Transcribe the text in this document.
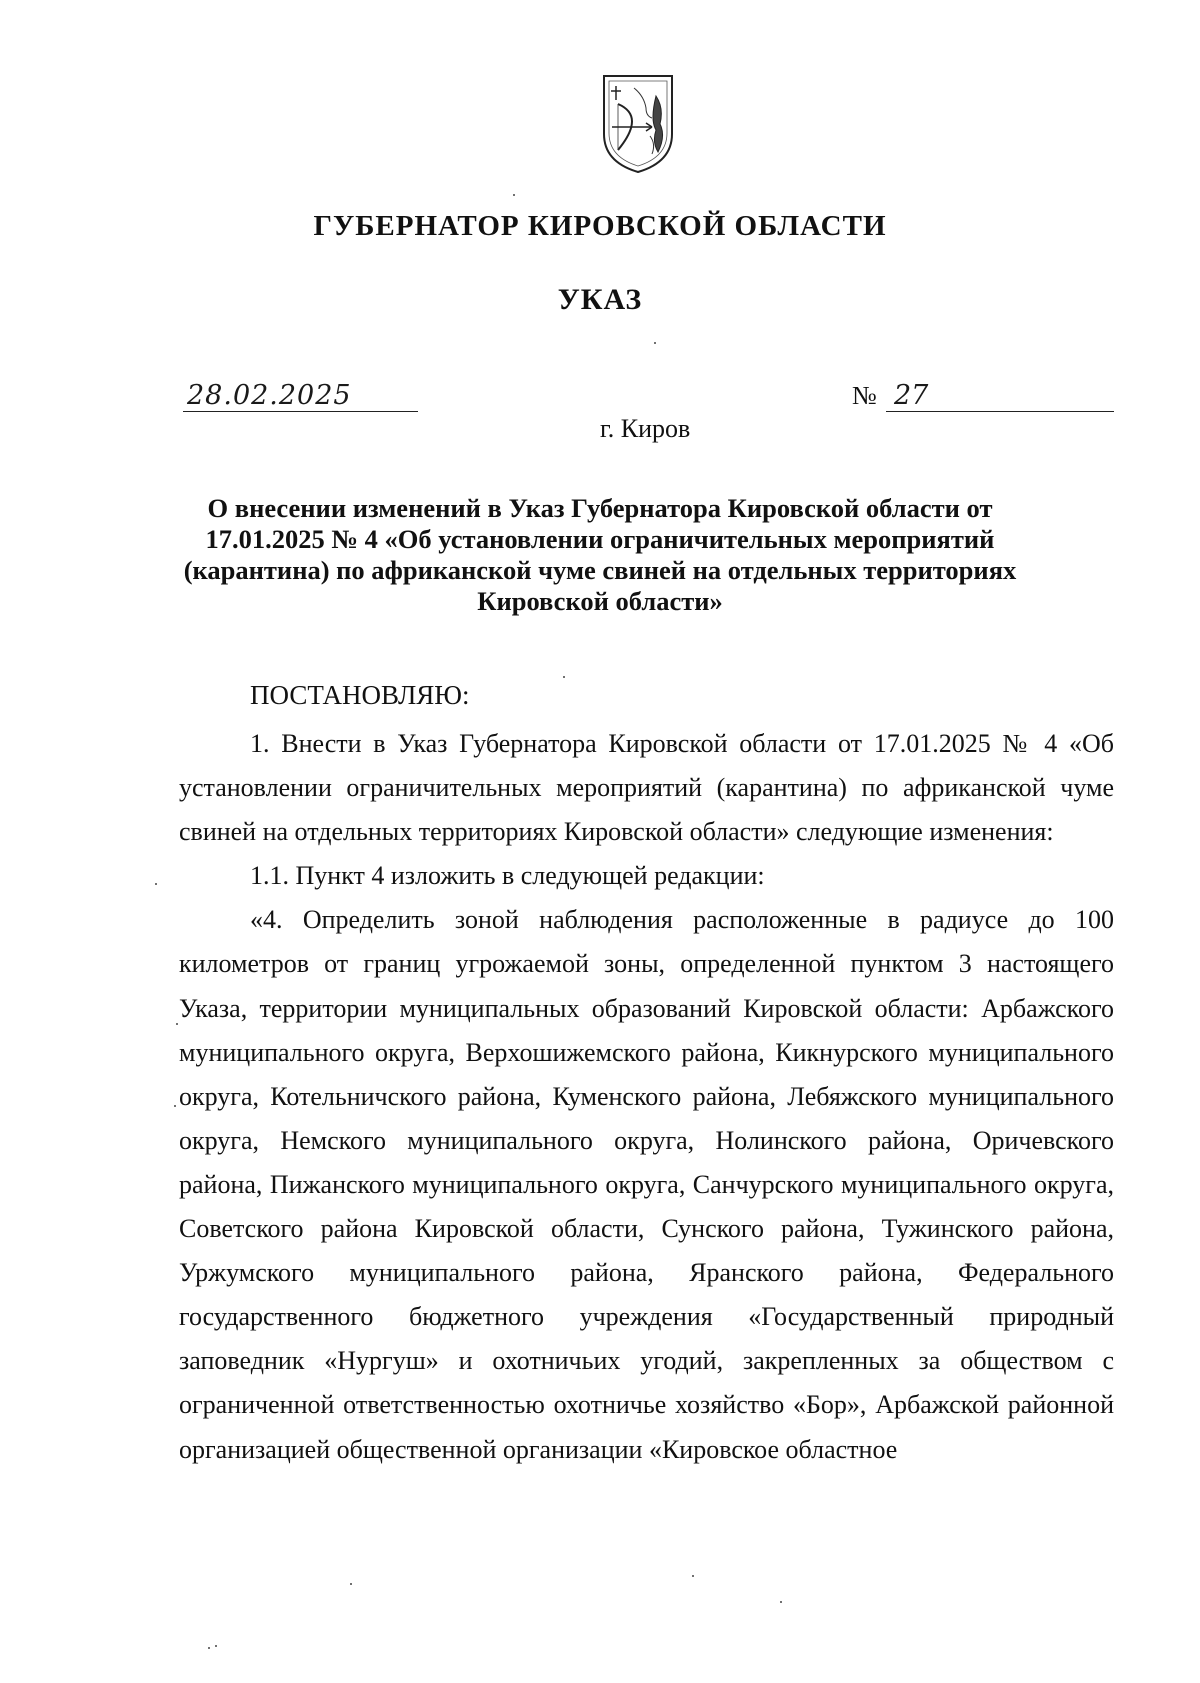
ГУБЕРНАТОР КИРОВСКОЙ ОБЛАСТИ
УКАЗ
28.02.2025	№ 27
г. Киров
О внесении изменений в Указ Губернатора Кировской области от 17.01.2025 № 4 «Об установлении ограничительных мероприятий (карантина) по африканской чуме свиней на отдельных территориях Кировской области»
ПОСТАНОВЛЯЮ:

1. Внести в Указ Губернатора Кировской области от 17.01.2025 № 4 «Об установлении ограничительных мероприятий (карантина) по африканской чуме свиней на отдельных территориях Кировской области» следующие изменения:

1.1. Пункт 4 изложить в следующей редакции:

«4. Определить зоной наблюдения расположенные в радиусе до 100 километров от границ угрожаемой зоны, определенной пунктом 3 настоящего Указа, территории муниципальных образований Кировской области: Арбажского муниципального округа, Верхошижемского района, Кикнурского муниципального округа, Котельничского района, Куменского района, Лебяжского муниципального округа, Немского муниципального округа, Нолинского района, Оричевского района, Пижанского муниципального округа, Санчурского муниципального округа, Советского района Кировской области, Сунского района, Тужинского района, Уржумского муниципального района, Яранского района, Федерального государственного бюджетного учреждения «Государственный природный заповедник «Нургуш» и охотничьих угодий, закрепленных за обществом с ограниченной ответственностью охотничье хозяйство «Бор», Арбажской районной организацией общественной организации «Кировское областное
